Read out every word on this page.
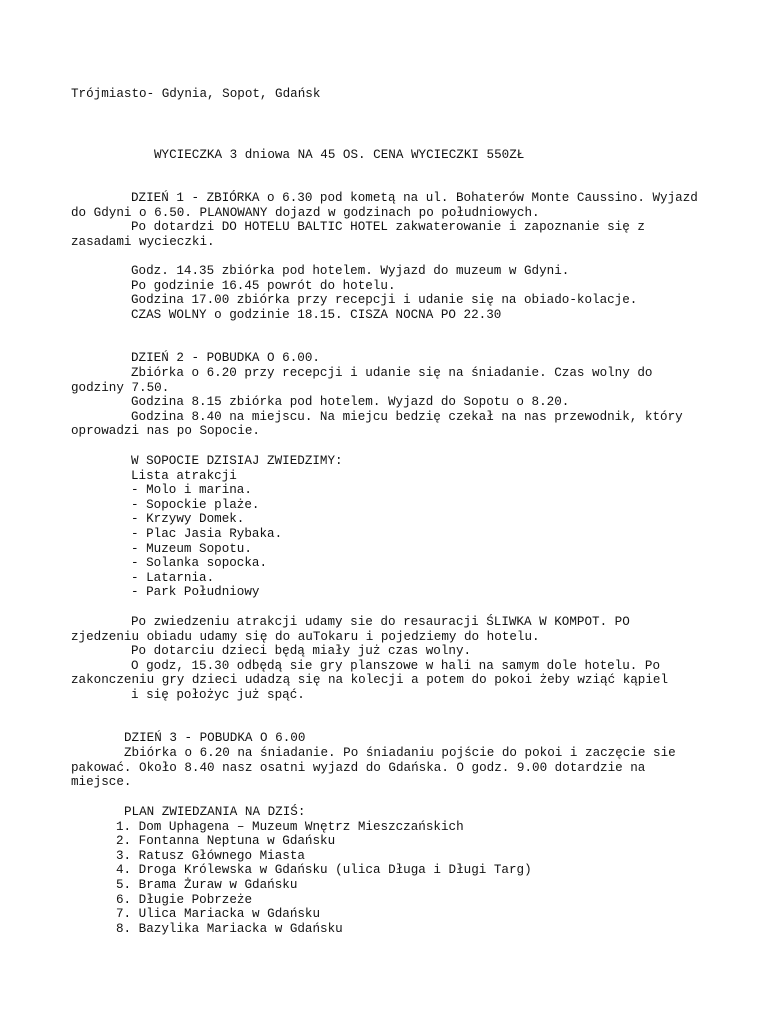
Trójmiasto- Gdynia, Sopot, Gdańsk
WYCIECZKA 3 dniowa NA 45 OS. CENA WYCIECZKI 550ZŁ
DZIEŃ 1 - ZBIÓRKA o 6.30 pod kometą na ul. Bohaterów Monte Caussino. Wyjazd
do Gdyni o 6.50. PLANOWANY dojazd w godzinach po południowych.
Po dotardzi DO HOTELU BALTIC HOTEL zakwaterowanie i zapoznanie się z
zasadami wycieczki.
Godz. 14.35 zbiórka pod hotelem. Wyjazd do muzeum w Gdyni.
Po godzinie 16.45 powrót do hotelu.
Godzina 17.00 zbiórka przy recepcji i udanie się na obiado-kolacje.
CZAS WOLNY o godzinie 18.15. CISZA NOCNA PO 22.30
DZIEŃ 2 - POBUDKA O 6.00.
Zbiórka o 6.20 przy recepcji i udanie się na śniadanie. Czas wolny do
godziny 7.50.
Godzina 8.15 zbiórka pod hotelem. Wyjazd do Sopotu o 8.20.
Godzina 8.40 na miejscu. Na miejcu bedzię czekał na nas przewodnik, który
oprowadzi nas po Sopocie.
W SOPOCIE DZISIAJ ZWIEDZIMY:
Lista atrakcji
- Molo i marina.
- Sopockie plaże.
- Krzywy Domek.
- Plac Jasia Rybaka.
- Muzeum Sopotu.
- Solanka sopocka.
- Latarnia.
- Park Południowy
Po zwiedzeniu atrakcji udamy sie do resauracji ŚLIWKA W KOMPOT. PO
zjedzeniu obiadu udamy się do auTokaru i pojedziemy do hotelu.
Po dotarciu dzieci będą miały już czas wolny.
O godz, 15.30 odbędą sie gry planszowe w hali na samym dole hotelu. Po
zakonczeniu gry dzieci udadzą się na kolecji a potem do pokoi żeby wziąć kąpiel
i się położyc już spąć.
DZIEŃ 3 - POBUDKA O 6.00
Zbiórka o 6.20 na śniadanie. Po śniadaniu pojście do pokoi i zaczęcie sie
pakować. Około 8.40 nasz osatni wyjazd do Gdańska. O godz. 9.00 dotardzie na
miejsce.
PLAN ZWIEDZANIA NA DZIŚ:
1. Dom Uphagena – Muzeum Wnętrz Mieszczańskich
2. Fontanna Neptuna w Gdańsku
3. Ratusz Głównego Miasta
4. Droga Królewska w Gdańsku (ulica Długa i Długi Targ)
5. Brama Żuraw w Gdańsku
6. Długie Pobrzeże
7. Ulica Mariacka w Gdańsku
8. Bazylika Mariacka w Gdańsku
